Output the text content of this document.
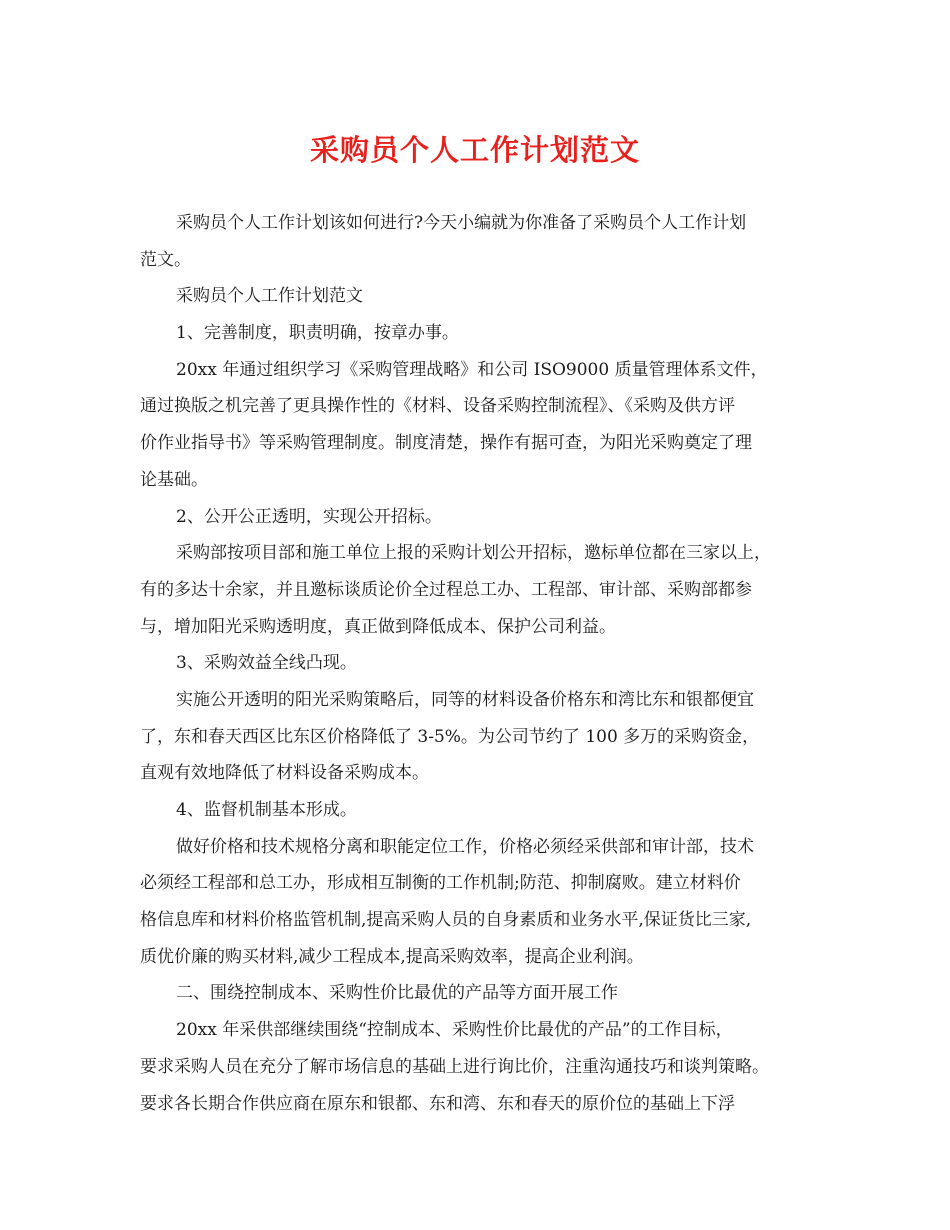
采购员个人工作计划范文
采购员个人工作计划该如何进行?今天小编就为你准备了采购员个人工作计划
范文。
采购员个人工作计划范文
1、完善制度，职责明确，按章办事。
20xx 年通过组织学习《采购管理战略》和公司 ISO9000 质量管理体系文件，
通过换版之机完善了更具操作性的《材料、设备采购控制流程》、《采购及供方评
价作业指导书》等采购管理制度。制度清楚，操作有据可查，为阳光采购奠定了理
论基础。
2、公开公正透明，实现公开招标。
采购部按项目部和施工单位上报的采购计划公开招标，邀标单位都在三家以上，
有的多达十余家，并且邀标谈质论价全过程总工办、工程部、审计部、采购部都参
与，增加阳光采购透明度，真正做到降低成本、保护公司利益。
3、采购效益全线凸现。
实施公开透明的阳光采购策略后，同等的材料设备价格东和湾比东和银都便宜
了，东和春天西区比东区价格降低了 3-5%。为公司节约了 100 多万的采购资金，
直观有效地降低了材料设备采购成本。
4、监督机制基本形成。
做好价格和技术规格分离和职能定位工作，价格必须经采供部和审计部，技术
必须经工程部和总工办，形成相互制衡的工作机制;防范、抑制腐败。建立材料价
格信息库和材料价格监管机制,提高采购人员的自身素质和业务水平,保证货比三家,
质优价廉的购买材料,减少工程成本,提高采购效率，提高企业利润。
二、围绕控制成本、采购性价比最优的产品等方面开展工作
20xx 年采供部继续围绕“控制成本、采购性价比最优的产品”的工作目标，
要求采购人员在充分了解市场信息的基础上进行询比价，注重沟通技巧和谈判策略。
要求各长期合作供应商在原东和银都、东和湾、东和春天的原价位的基础上下浮
